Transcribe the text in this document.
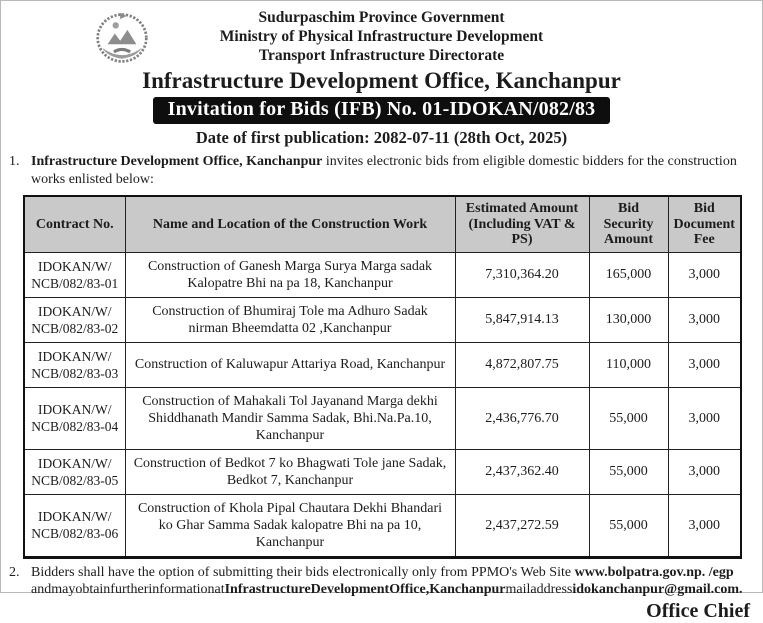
Sudurpaschim Province Government
Ministry of Physical Infrastructure Development
Transport Infrastructure Directorate
Infrastructure Development Office, Kanchanpur
Invitation for Bids (IFB) No. 01-IDOKAN/082/83
Date of first publication: 2082-07-11 (28th Oct, 2025)
1. Infrastructure Development Office, Kanchanpur invites electronic bids from eligible domestic bidders for the construction works enlisted below:
Contract No.	Name and Location of the Construction Work	Estimated Amount (Including VAT & PS)	Bid Security Amount	Bid Document Fee

IDOKAN/W/
NCB/082/83-01	Construction of Ganesh Marga Surya Marga sadak Kalopatre Bhi na pa 18, Kanchanpur	7,310,364.20	165,000	3,000

IDOKAN/W/
NCB/082/83-02	Construction of Bhumiraj Tole ma Adhuro Sadak nirman Bheemdatta 02 ,Kanchanpur	5,847,914.13	130,000	3,000

IDOKAN/W/
NCB/082/83-03	Construction of Kaluwapur Attariya Road, Kanchanpur	4,872,807.75	110,000	3,000

IDOKAN/W/
NCB/082/83-04	Construction of Mahakali Tol Jayanand Marga dekhi Shiddhanath Mandir Samma Sadak, Bhi.Na.Pa.10, Kanchanpur	2,436,776.70	55,000	3,000

IDOKAN/W/
NCB/082/83-05	Construction of Bedkot 7 ko Bhagwati Tole jane Sadak, Bedkot 7, Kanchanpur	2,437,362.40	55,000	3,000

IDOKAN/W/
NCB/082/83-06	Construction of Khola Pipal Chautara Dekhi Bhandari ko Ghar Samma Sadak kalopatre Bhi na pa 10, Kanchanpur	2,437,272.59	55,000	3,000
2. Bidders shall have the option of submitting their bids electronically only from PPMO's Web Site www.bolpatra.gov.np. /egp
andmayobtainfurtherinformationatInfrastructureDevelopmentOffice,Kanchanpurmailaddressidokanchanpur@gmail.com.
Office Chief
